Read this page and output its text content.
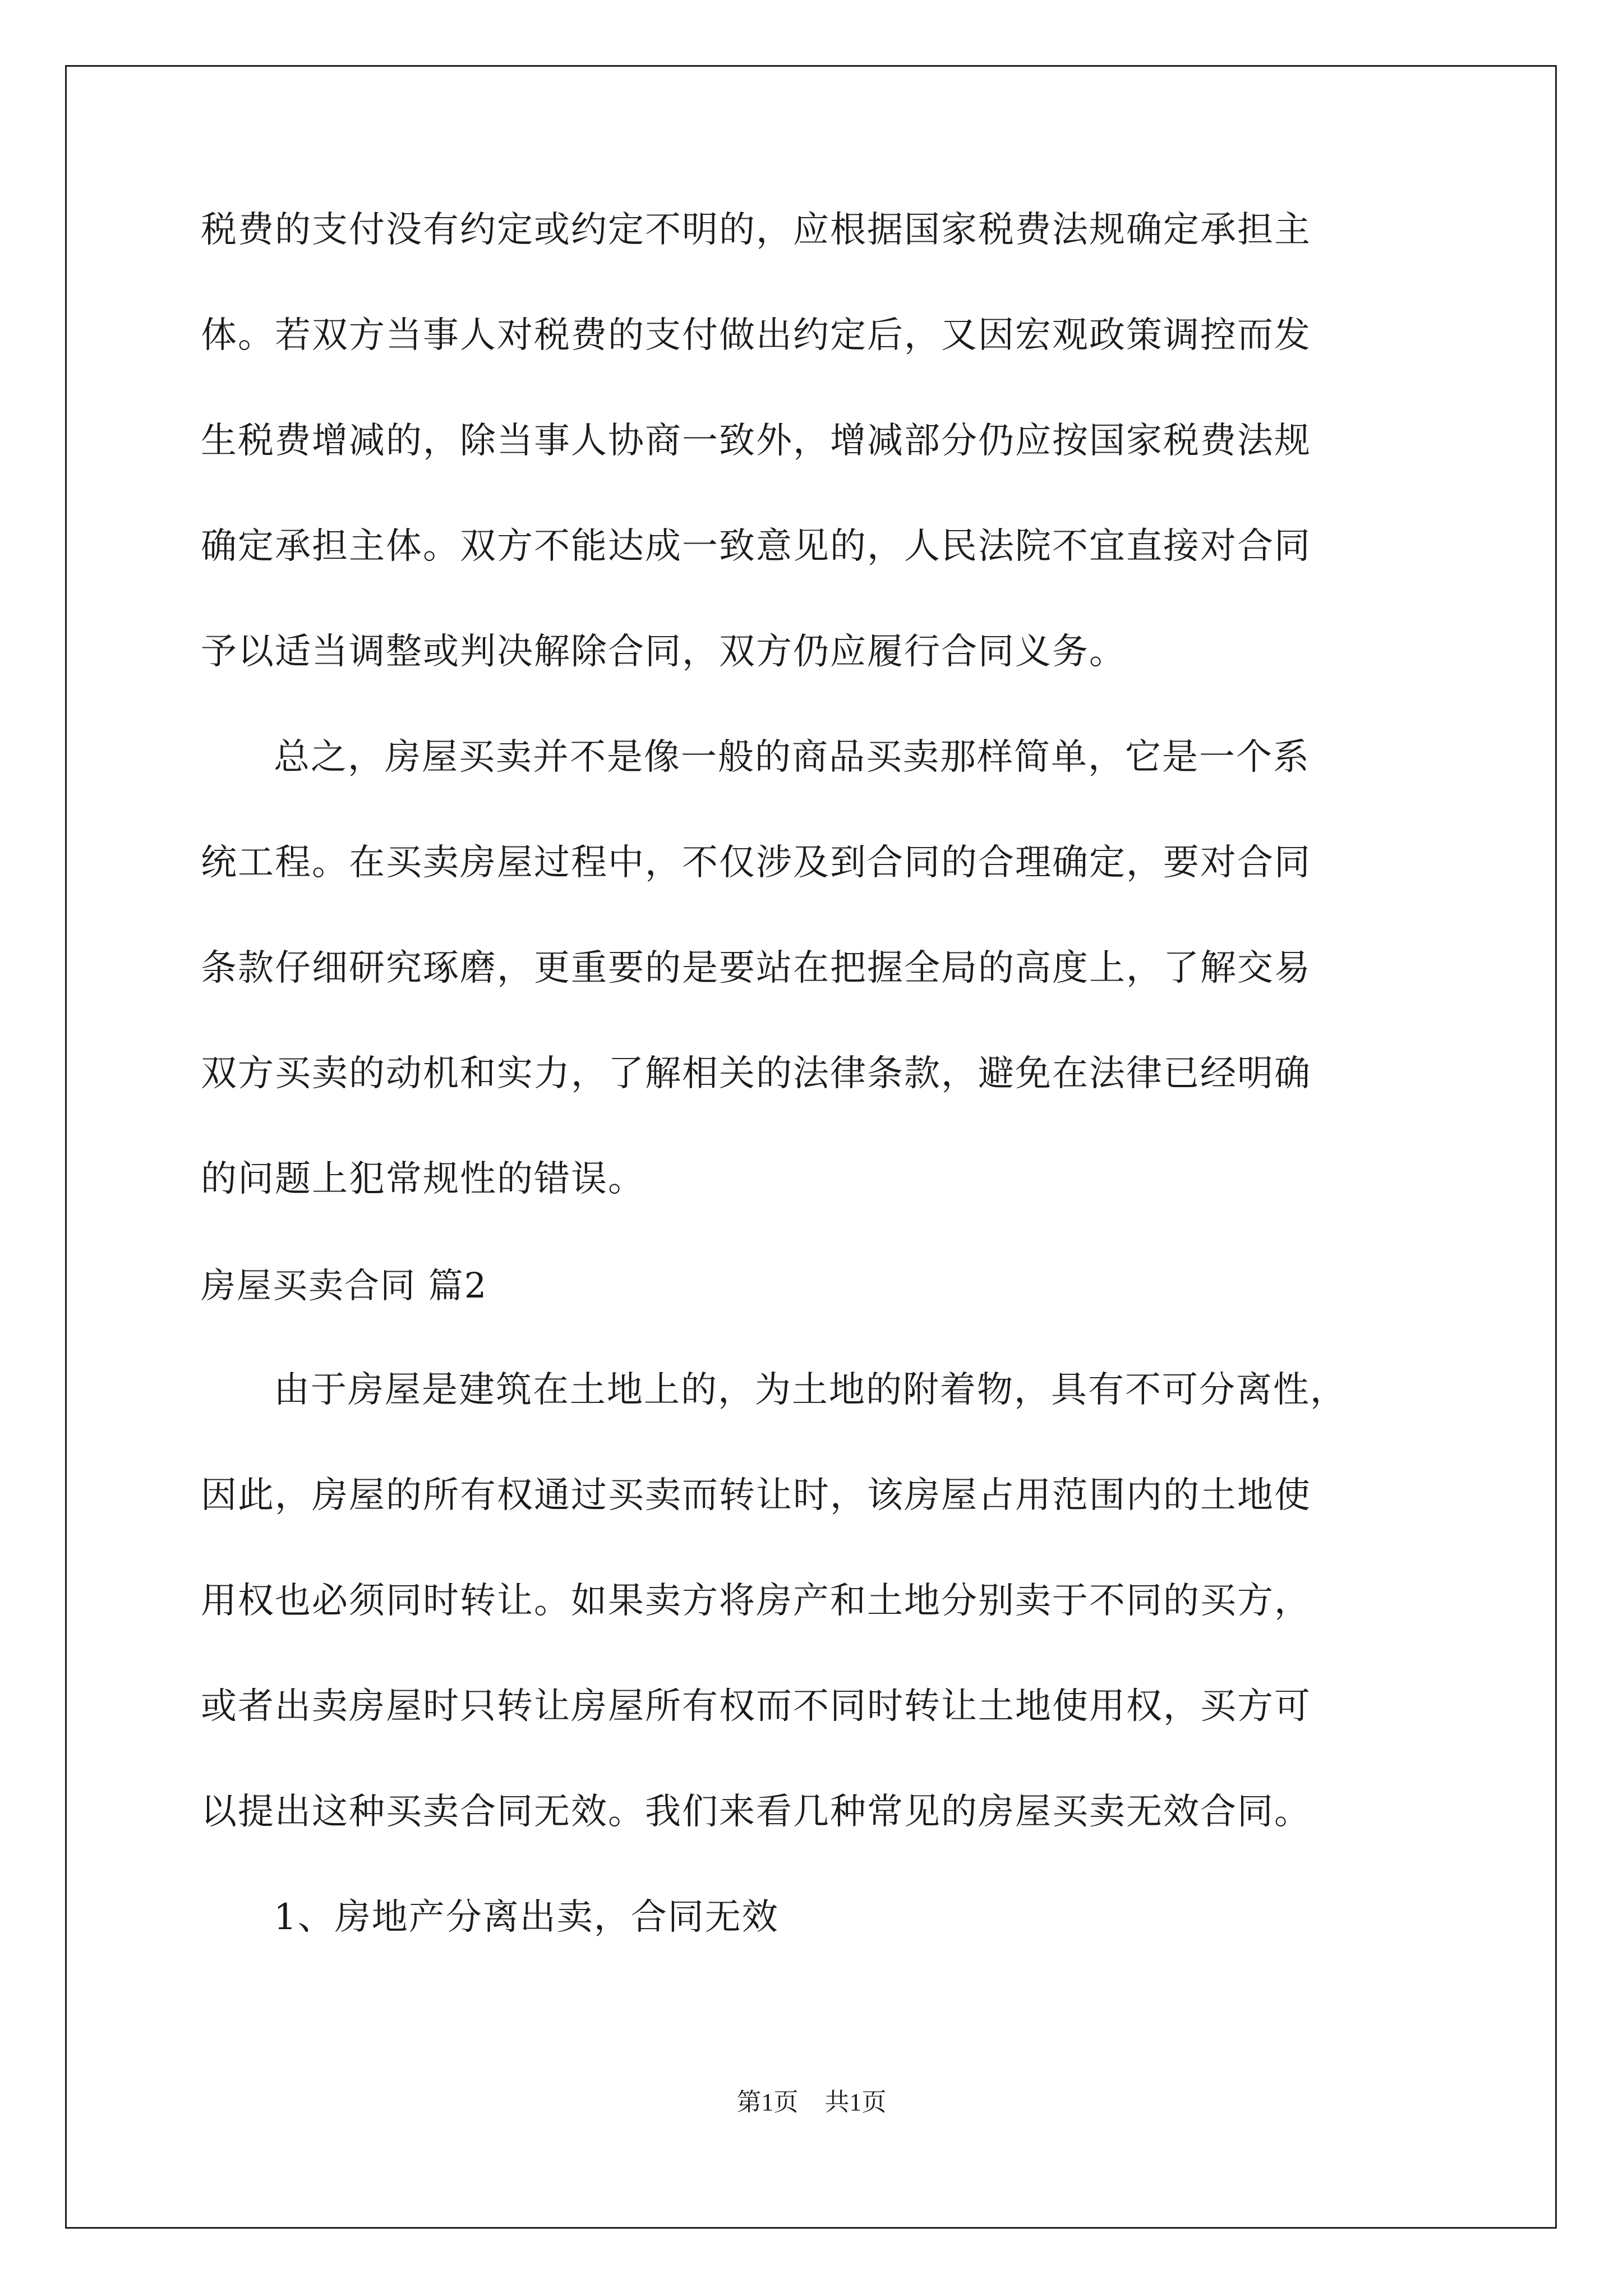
税费的支付没有约定或约定不明的，应根据国家税费法规确定承担主
体。若双方当事人对税费的支付做出约定后，又因宏观政策调控而发
生税费增减的，除当事人协商一致外，增减部分仍应按国家税费法规
确定承担主体。双方不能达成一致意见的，人民法院不宜直接对合同
予以适当调整或判决解除合同，双方仍应履行合同义务。
总之，房屋买卖并不是像一般的商品买卖那样简单，它是一个系
统工程。在买卖房屋过程中，不仅涉及到合同的合理确定，要对合同
条款仔细研究琢磨，更重要的是要站在把握全局的高度上，了解交易
双方买卖的动机和实力，了解相关的法律条款，避免在法律已经明确
的问题上犯常规性的错误。
房屋买卖合同 篇2
由于房屋是建筑在土地上的，为土地的附着物，具有不可分离性，
因此，房屋的所有权通过买卖而转让时，该房屋占用范围内的土地使
用权也必须同时转让。如果卖方将房产和土地分别卖于不同的买方，
或者出卖房屋时只转让房屋所有权而不同时转让土地使用权，买方可
以提出这种买卖合同无效。我们来看几种常见的房屋买卖无效合同。
1、房地产分离出卖，合同无效
第1页 共1页
